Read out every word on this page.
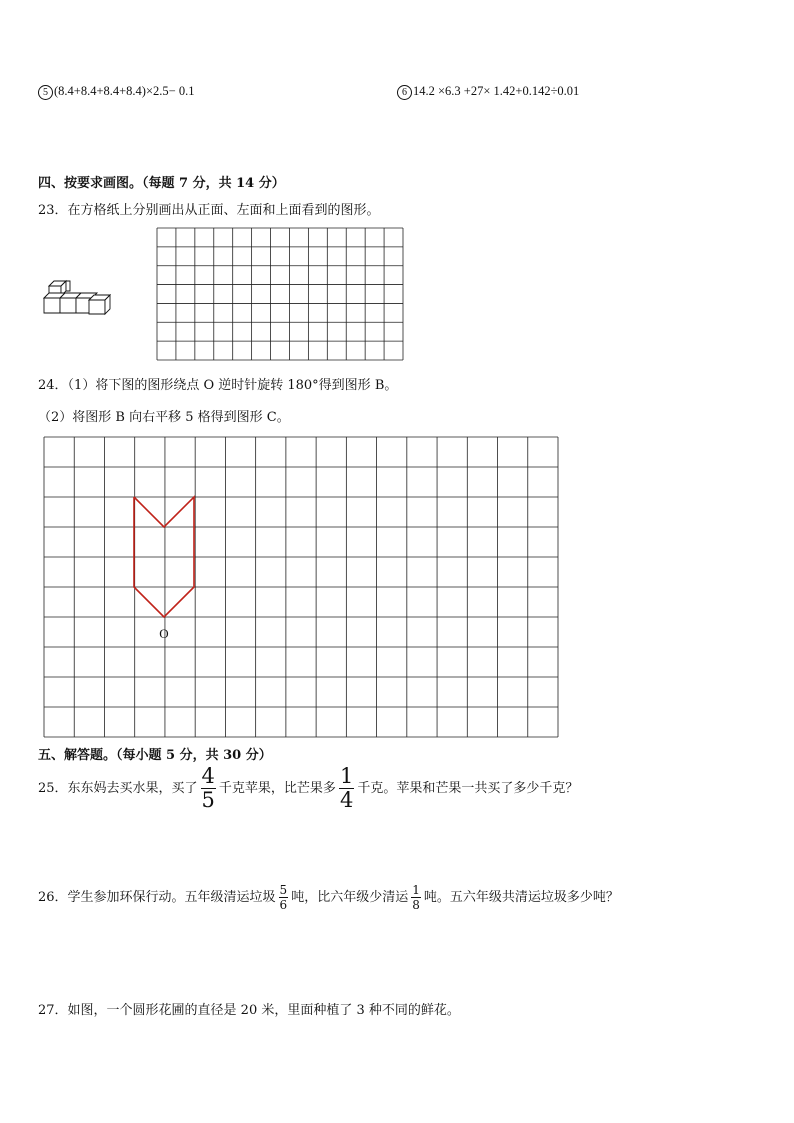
5 (8.4+8.4+8.4+8.4)×2.5− 0.1	6 14.2 ×6.3 +27× 1.42+0.142÷0.01
四、按要求画图。（每题 7 分，共 14 分）
23．在方格纸上分别画出从正面、左面和上面看到的图形。
24．（1）将下图的图形绕点 O 逆时针旋转 180°得到图形 B。
（2）将图形 B 向右平移 5 格得到图形 C。
O
五、解答题。（每小题 5 分，共 30 分）
25．东东妈去买水果，买了 $\frac{4}{5}$ 千克苹果，比芒果多 $\frac{1}{4}$ 千克。苹果和芒果一共买了多少千克？
26．学生参加环保行动。五年级清运垃圾 $\frac{5}{6}$ 吨，比六年级少清运 $\frac{1}{8}$ 吨。五六年级共清运垃圾多少吨？
27．如图，一个圆形花圃的直径是 20 米，里面种植了 3 种不同的鲜花。
